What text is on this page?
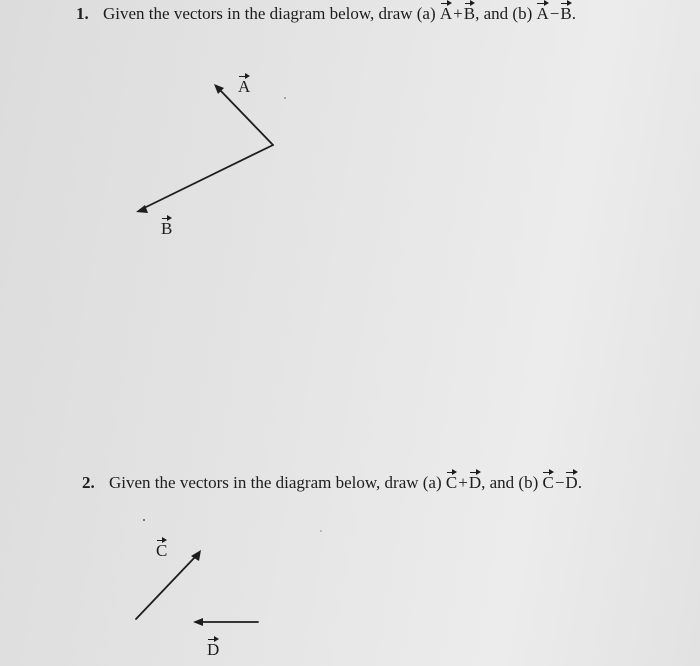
1. Given the vectors in the diagram below, draw (a) A+B, and (b) A−B.
A
B
2. Given the vectors in the diagram below, draw (a) C+D, and (b) C−D.
C
D
